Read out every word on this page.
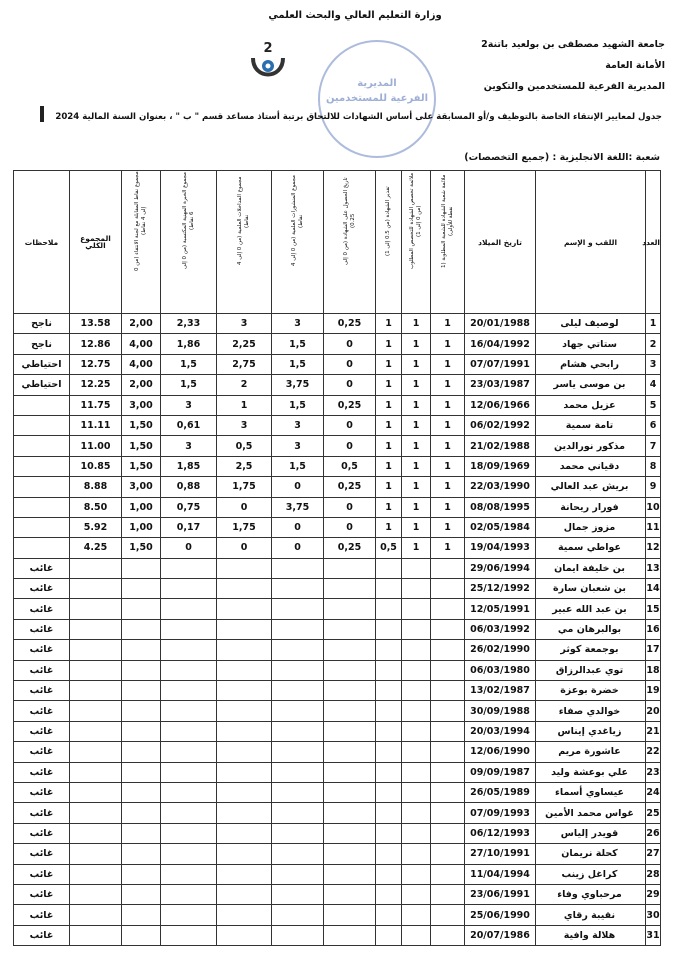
وزارة التعليم العالي والبحث العلمي
جامعة الشهيد مصطفى بن بولعيد باتنة2
الأمانة العامة
المديرية الفرعية للمستخدمين والتكوين
2
المديرية
الفرعية للمستخدمين
جدول لمعايير الإنتقاء الخاصة بالتوظيف و/أو المسابقة على أساس الشهادات للالتحاق برتبة أستاذ مساعد قسم " ب " ، بعنوان السنة المالية 2024
شعبة :اللغة الانجليزية : (جميع التخصصات)
ملاحظات	المجموع الكلي	مجموع نقاط المقابلة مع لجنة الانتقاء (من 0 إلى 4 نقاط)	مجموع الخبرة المهنية المكتسبة (من 0 إلى 6 نقاط)	مجموع المداخلات العلمية (من 0 إلى 4 نقاط)	مجموع المنشورات العلمية (من 0 إلى 4 نقاط)	تاريخ الحصول على الشهادة (من 0 إلى 0.25)	تقدير الشهادة (من 0.5 إلى 1)	ملائمة تخصص الشهادة للتخصص المطلوب (من 0 إلى 1)	ملائمة شعبة الشهادة للشعبة المطلوبة (1 نقطة للأولى)	تاريخ الميلاد	اللقب و الإسم	العدد
ناجح	13.58	2,00	2,33	3	3	0,25	1	1	1	20/01/1988	لوصيف ليلى	1
ناجح	12.86	4,00	1,86	2,25	1,5	0	1	1	1	16/04/1992	ستاتي جهاد	2
احتياطي	12.75	4,00	1,5	2,75	1,5	0	1	1	1	07/07/1991	رابحي هشام	3
احتياطي	12.25	2,00	1,5	2	3,75	0	1	1	1	23/03/1987	بن موسى ياسر	4
	11.75	3,00	3	1	1,5	0,25	1	1	1	12/06/1966	عزيل محمد	5
	11.11	1,50	0,61	3	3	0	1	1	1	06/02/1992	تامة سمية	6
	11.00	1,50	3	0,5	3	0	1	1	1	21/02/1988	مذكور نورالدين	7
	10.85	1,50	1,85	2,5	1,5	0,5	1	1	1	18/09/1969	دقياني محمد	8
	8.88	3,00	0,88	1,75	0	0,25	1	1	1	22/03/1990	بريش عبد العالي	9
	8.50	1,00	0,75	0	3,75	0	1	1	1	08/08/1995	فورار ريحانة	10
	5.92	1,00	0,17	1,75	0	0	1	1	1	02/05/1984	مزوز جمال	11
	4.25	1,50	0	0	0	0,25	0,5	1	1	19/04/1993	عواطي سمية	12
غائب										29/06/1994	بن خليفة ايمان	13
غائب										25/12/1992	بن شعبان سارة	14
غائب										12/05/1991	بن عبد الله عبير	15
غائب										06/03/1992	بوالبرهان مي	16
غائب										26/02/1990	بوجمعة كوثر	17
غائب										06/03/1980	توي عبدالرزاق	18
غائب										13/02/1987	خضرة بوعزة	19
غائب										30/09/1988	خوالدي صفاء	20
غائب										20/03/1994	زياغدي إيناس	21
غائب										12/06/1990	عاشورة مريم	22
غائب										09/09/1987	علي بوعشة وليد	23
غائب										26/05/1989	عيساوي أسماء	24
غائب										07/09/1993	غواس محمد الأمين	25
غائب										06/12/1993	قويدر إلياس	26
غائب										27/10/1991	كحلة نريمان	27
غائب										11/04/1994	كراغل زينب	28
غائب										23/06/1991	مرحباوي وفاء	29
غائب										25/06/1990	نقيبة رقاي	30
غائب										20/07/1986	هلالة وافية	31
